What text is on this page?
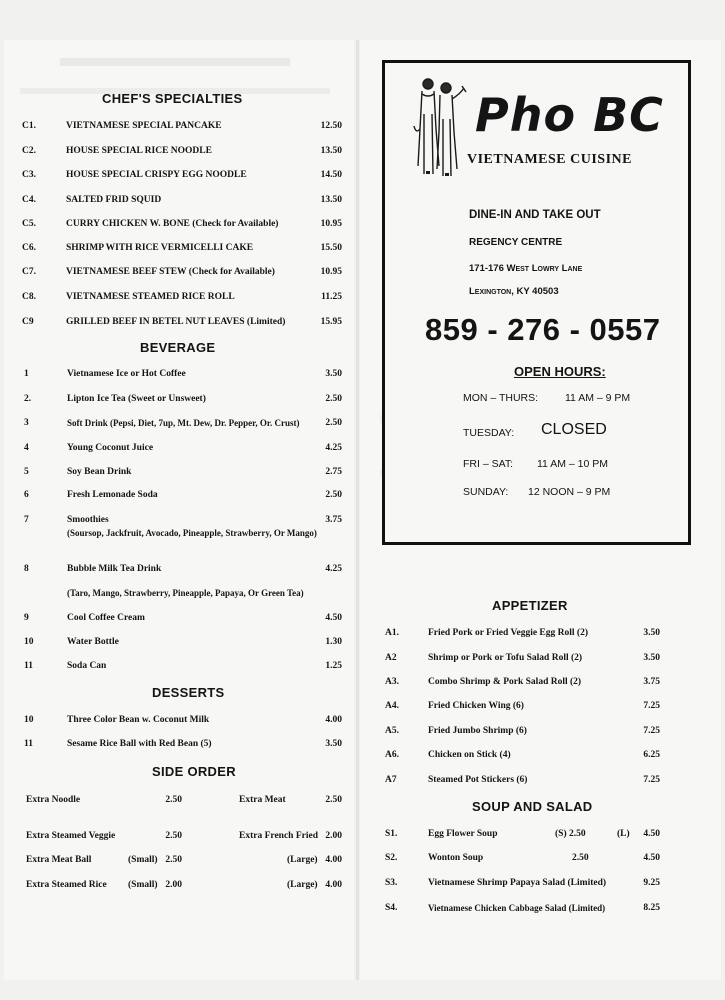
CHEF'S SPECIALTIES
C1.	VIETNAMESE SPECIAL PANCAKE	12.50
C2.	HOUSE SPECIAL RICE NOODLE	13.50
C3.	HOUSE SPECIAL CRISPY EGG NOODLE	14.50
C4.	SALTED FRID SQUID	13.50
C5.	CURRY CHICKEN W. BONE (Check for Available)	10.95
C6.	SHRIMP WITH RICE VERMICELLI CAKE	15.50
C7.	VIETNAMESE BEEF STEW (Check for Available)	10.95
C8.	VIETNAMESE STEAMED RICE ROLL	11.25
C9	GRILLED BEEF IN BETEL NUT LEAVES (Limited)	15.95
BEVERAGE
1	Vietnamese Ice or Hot Coffee	3.50
2.	Lipton Ice Tea (Sweet or Unsweet)	2.50
3	Soft Drink (Pepsi, Diet, 7up, Mt. Dew, Dr. Pepper, Or. Crust)	2.50
4	Young Coconut Juice	4.25
5	Soy Bean Drink	2.75
6	Fresh Lemonade Soda	2.50
7	Smoothies	3.75
(Soursop, Jackfruit, Avocado, Pineapple, Strawberry, Or Mango)
8	Bubble Milk Tea Drink	4.25
(Taro, Mango, Strawberry, Pineapple, Papaya, Or Green Tea)
9	Cool Coffee Cream	4.50
10	Water Bottle	1.30
11	Soda Can	1.25
DESSERTS
10	Three Color Bean w. Coconut Milk	4.00
11	Sesame Rice Ball with Red Bean (5)	3.50
SIDE ORDER
Extra Noodle	2.50	Extra Meat	2.50
Extra Steamed Veggie	2.50	Extra French Fried 2.00
Extra Meat Ball	(Small) 2.50	(Large) 4.00
Extra Steamed Rice (Small) 2.00	(Large) 4.00
Pho BC
VIETNAMESE CUISINE
DINE-IN AND TAKE OUT
REGENCY CENTRE
171-176 West Lowry Lane
Lexington, KY 40503
859 - 276 - 0557
OPEN HOURS:
MON – THURS:	11 AM – 9 PM
TUESDAY: CLOSED
FRI – SAT: 11 AM – 10 PM
SUNDAY: 12 NOON – 9 PM
APPETIZER
A1.	Fried Pork or Fried Veggie Egg Roll (2)	3.50
A2	Shrimp or Pork or Tofu Salad Roll (2)	3.50
A3.	Combo Shrimp & Pork Salad Roll (2)	3.75
A4.	Fried Chicken Wing (6)	7.25
A5.	Fried Jumbo Shrimp (6)	7.25
A6.	Chicken on Stick (4)	6.25
A7	Steamed Pot Stickers (6)	7.25
SOUP AND SALAD
S1.	Egg Flower Soup	(S) 2.50	(L)	4.50
S2.	Wonton Soup	2.50	4.50
S3.	Vietnamese Shrimp Papaya Salad (Limited)	9.25
S4.	Vietnamese Chicken Cabbage Salad (Limited)	8.25
